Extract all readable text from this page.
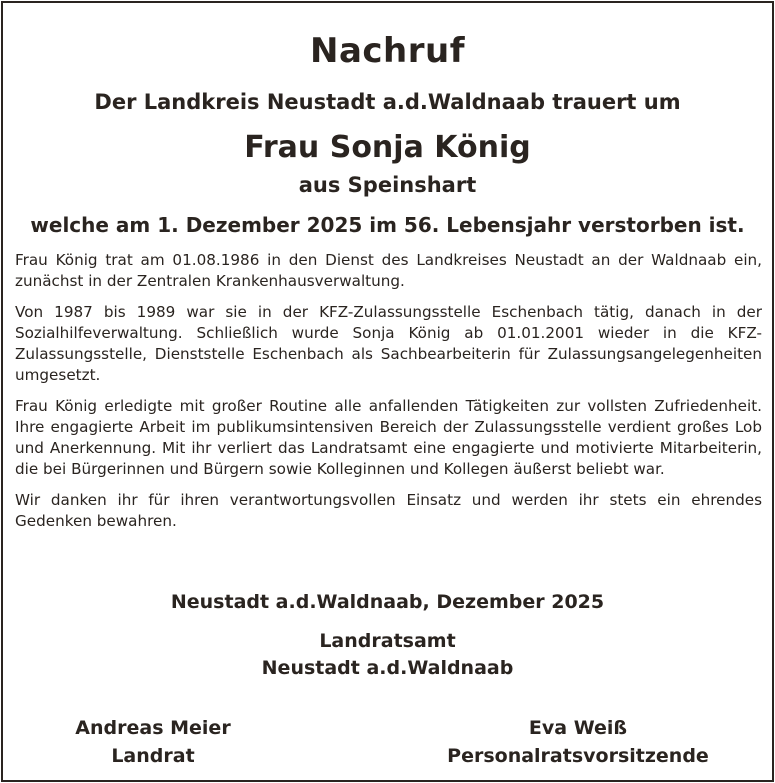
Nachruf
Der Landkreis Neustadt a.d.Waldnaab trauert um
Frau Sonja König
aus Speinshart
welche am 1. Dezember 2025 im 56. Lebensjahr verstorben ist.

Frau König trat am 01.08.1986 in den Dienst des Landkreises Neustadt an der Waldnaab ein, zunächst in der Zentralen Krankenhausverwaltung.

Von 1987 bis 1989 war sie in der KFZ-Zulassungsstelle Eschenbach tätig, danach in der Sozialhilfeverwaltung. Schließlich wurde Sonja König ab 01.01.2001 wieder in die KFZ-Zulassungsstelle, Dienststelle Eschenbach als Sachbearbeiterin für Zulassungsangelegenheiten umgesetzt.

Frau König erledigte mit großer Routine alle anfallenden Tätigkeiten zur vollsten Zufriedenheit. Ihre engagierte Arbeit im publikumsintensiven Bereich der Zulassungsstelle verdient großes Lob und Anerkennung. Mit ihr verliert das Landratsamt eine engagierte und motivierte Mitarbeiterin, die bei Bürgerinnen und Bürgern sowie Kolleginnen und Kollegen äußerst beliebt war.

Wir danken ihr für ihren verantwortungsvollen Einsatz und werden ihr stets ein ehrendes Gedenken bewahren.

Neustadt a.d.Waldnaab, Dezember 2025
Landratsamt
Neustadt a.d.Waldnaab
Andreas Meier
Landrat
Eva Weiß
Personalratsvorsitzende
